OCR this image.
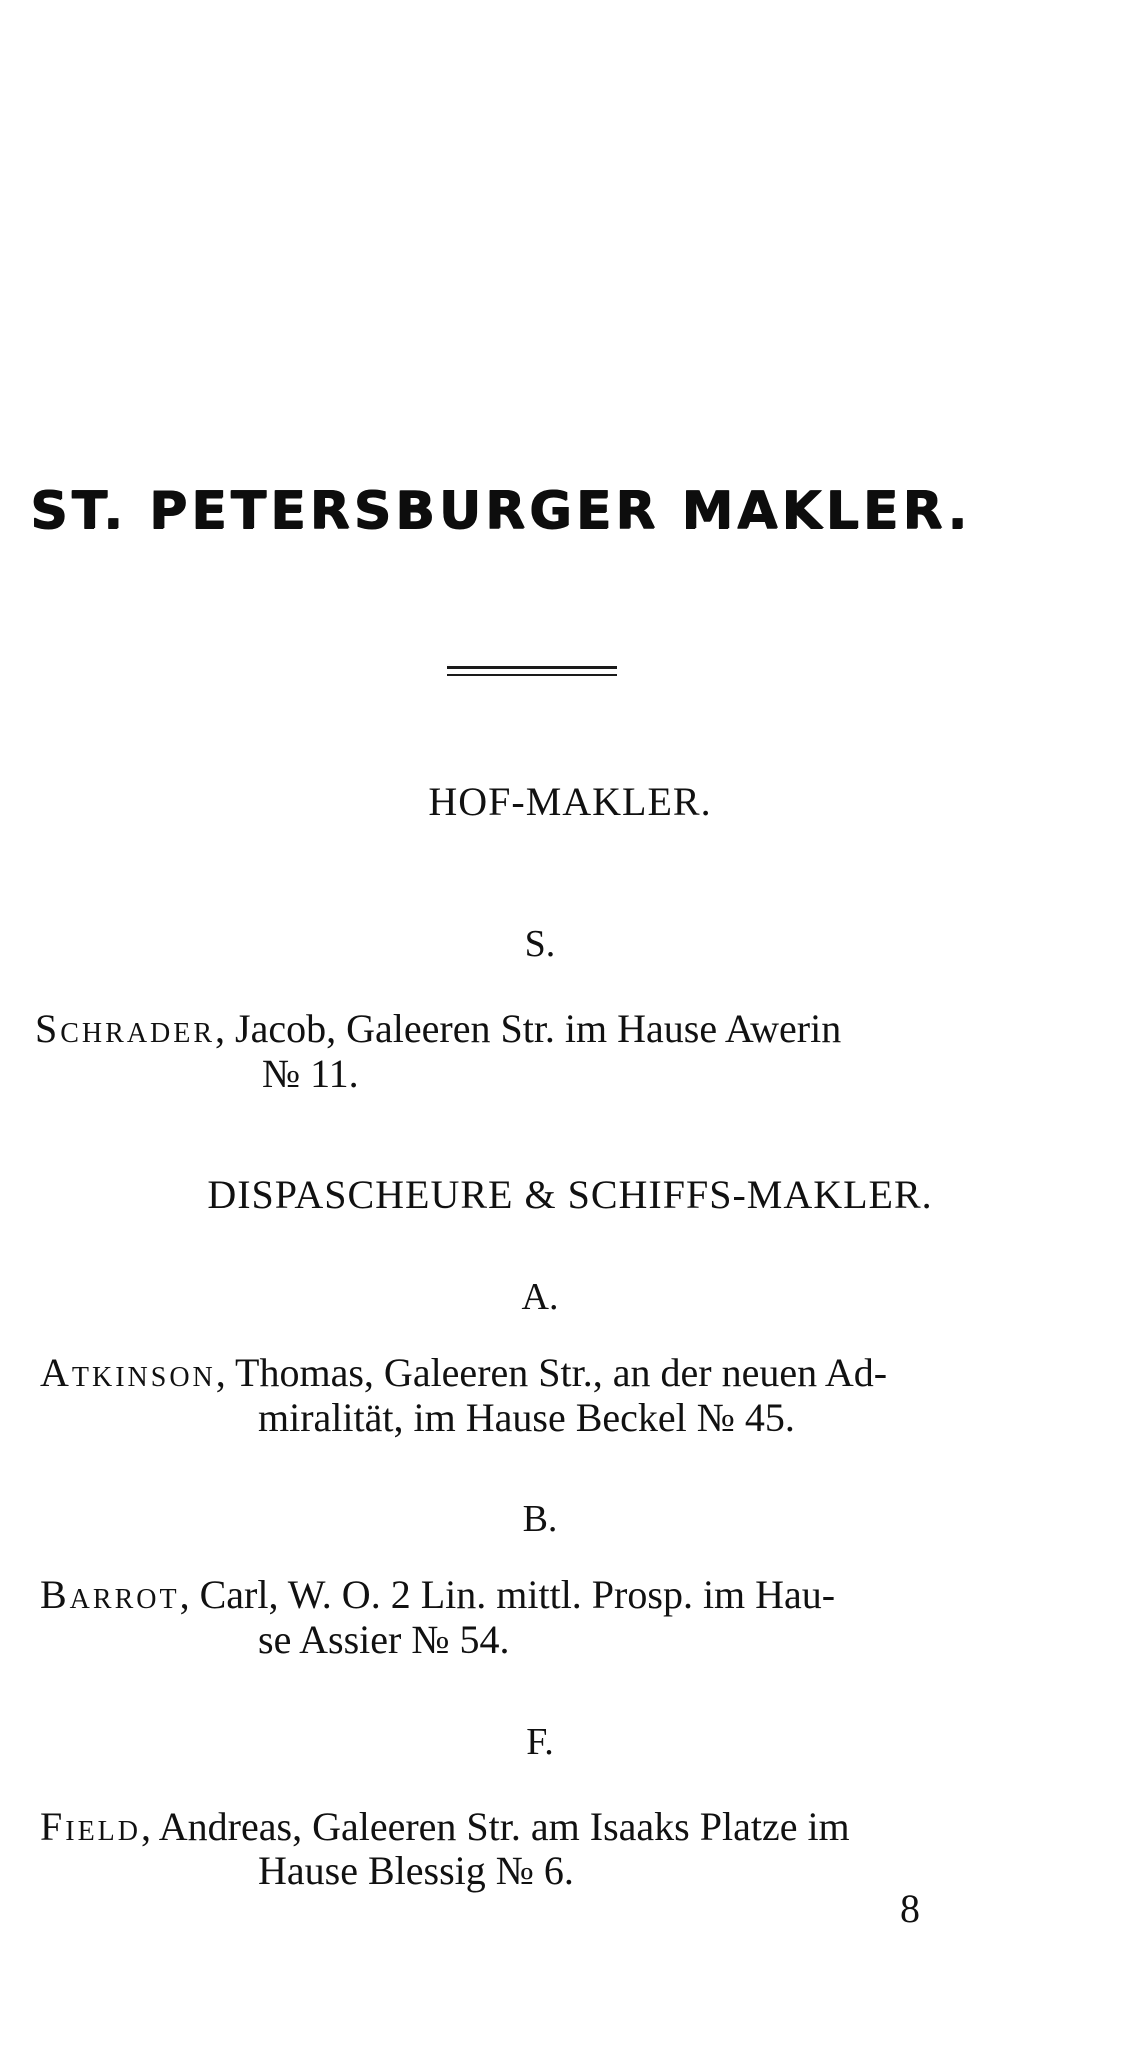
ST. PETERSBURGER MAKLER.
HOF-MAKLER.
S.
Schrader, Jacob, Galeeren Str. im Hause Awerin
№ 11.
DISPASCHEURE & SCHIFFS-MAKLER.
A.
Atkinson, Thomas, Galeeren Str., an der neuen Ad-
miralität, im Hause Beckel № 45.
B.
Barrot, Carl, W. O. 2 Lin. mittl. Prosp. im Hau-
se Assier № 54.
F.
Field, Andreas, Galeeren Str. am Isaaks Platze im
Hause Blessig № 6.
8
